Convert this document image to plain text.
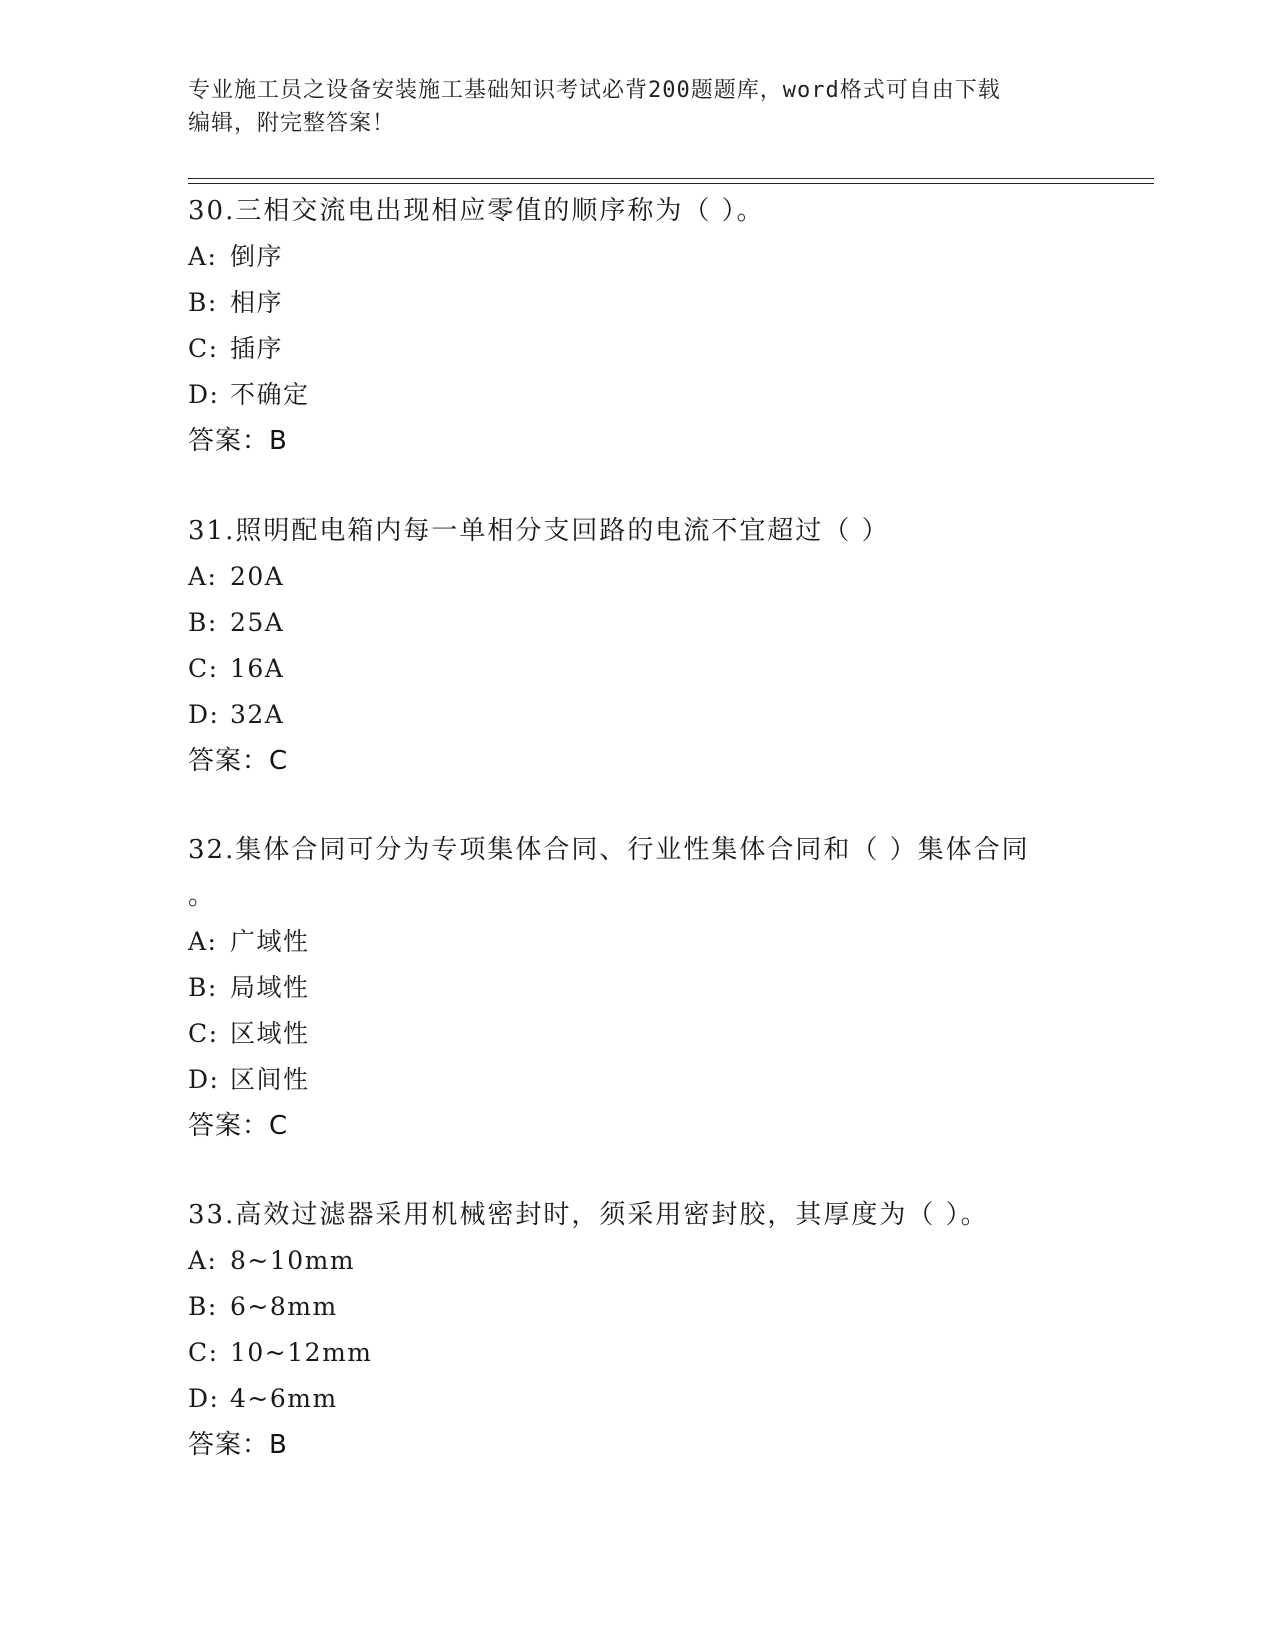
专业施工员之设备安装施工基础知识考试必背200题题库，word格式可自由下载
编辑，附完整答案！

30.三相交流电出现相应零值的顺序称为（ ）。

A: 倒序

B: 相序

C: 插序

D: 不确定

答案：B

31.照明配电箱内每一单相分支回路的电流不宜超过（ ）

A: 20A

B: 25A

C: 16A

D: 32A

答案：C

32.集体合同可分为专项集体合同、行业性集体合同和（ ）集体合同

。

A: 广域性

B: 局域性

C: 区域性

D: 区间性

答案：C

33.高效过滤器采用机械密封时，须采用密封胶，其厚度为（ ）。

A: 8~10mm

B: 6~8mm

C: 10~12mm

D: 4~6mm

答案：B
